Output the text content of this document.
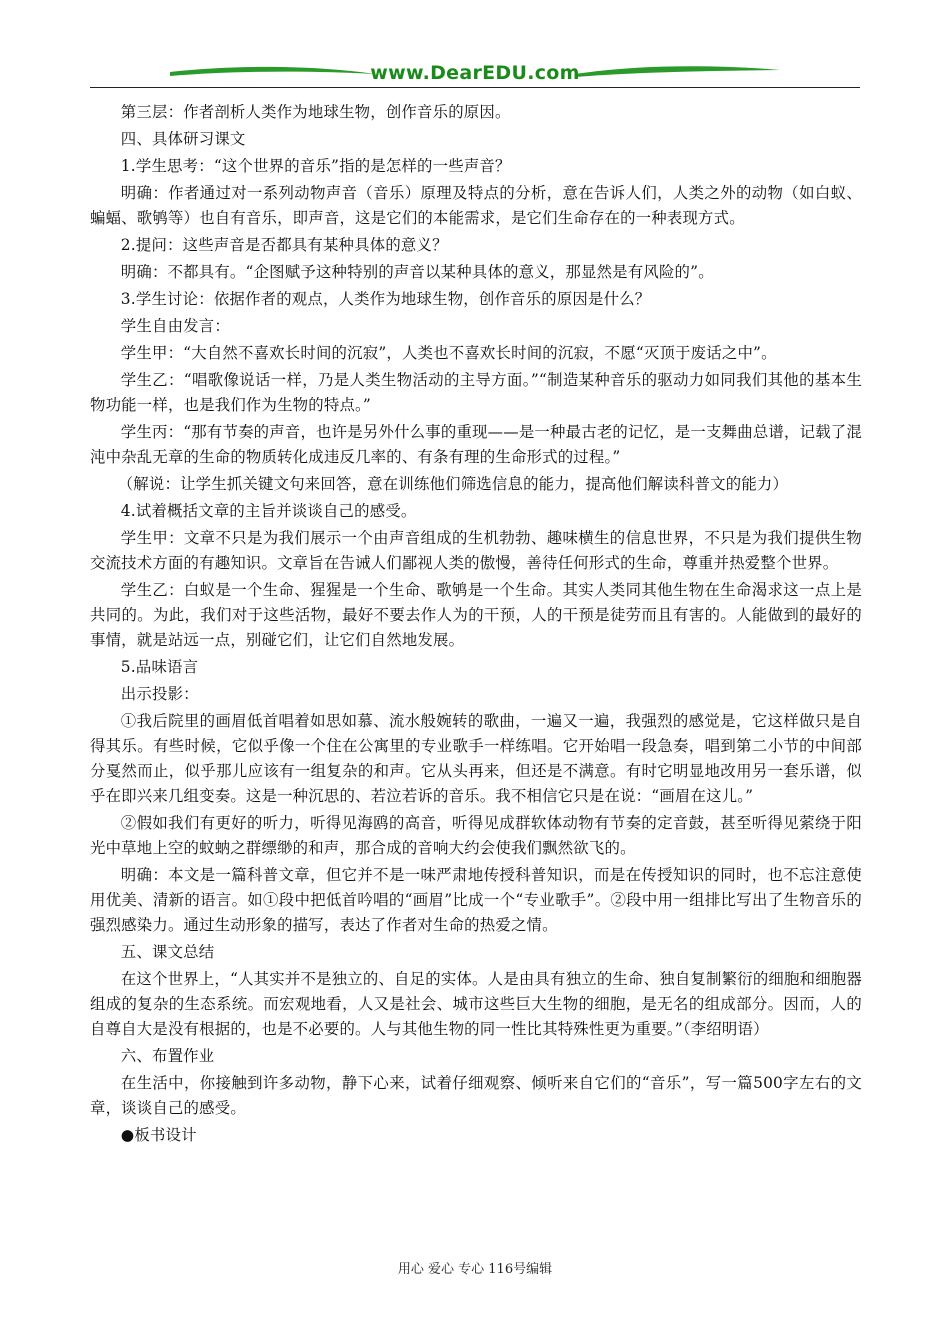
www.DearEDU.com

第三层：作者剖析人类作为地球生物，创作音乐的原因。

四、具体研习课文

1.学生思考：“这个世界的音乐”指的是怎样的一些声音？

明确：作者通过对一系列动物声音（音乐）原理及特点的分析，意在告诉人们，人类之外的动物（如白蚁、蝙蝠、歌鸲等）也自有音乐，即声音，这是它们的本能需求，是它们生命存在的一种表现方式。

2.提问：这些声音是否都具有某种具体的意义？

明确：不都具有。“企图赋予这种特别的声音以某种具体的意义，那显然是有风险的”。

3.学生讨论：依据作者的观点，人类作为地球生物，创作音乐的原因是什么？

学生自由发言：

学生甲：“大自然不喜欢长时间的沉寂”，人类也不喜欢长时间的沉寂，不愿“灭顶于废话之中”。

学生乙：“唱歌像说话一样，乃是人类生物活动的主导方面。”“制造某种音乐的驱动力如同我们其他的基本生物功能一样，也是我们作为生物的特点。”

学生丙：“那有节奏的声音，也许是另外什么事的重现——是一种最古老的记忆，是一支舞曲总谱，记载了混沌中杂乱无章的生命的物质转化成违反几率的、有条有理的生命形式的过程。”

（解说：让学生抓关键文句来回答，意在训练他们筛选信息的能力，提高他们解读科普文的能力）

4.试着概括文章的主旨并谈谈自己的感受。

学生甲：文章不只是为我们展示一个由声音组成的生机勃勃、趣味横生的信息世界，不只是为我们提供生物交流技术方面的有趣知识。文章旨在告诫人们鄙视人类的傲慢，善待任何形式的生命，尊重并热爱整个世界。

学生乙：白蚁是一个生命、猩猩是一个生命、歌鸲是一个生命。其实人类同其他生物在生命渴求这一点上是共同的。为此，我们对于这些活物，最好不要去作人为的干预，人的干预是徒劳而且有害的。人能做到的最好的事情，就是站远一点，别碰它们，让它们自然地发展。

5.品味语言

出示投影：

①我后院里的画眉低首唱着如思如慕、流水般婉转的歌曲，一遍又一遍，我强烈的感觉是，它这样做只是自得其乐。有些时候，它似乎像一个住在公寓里的专业歌手一样练唱。它开始唱一段急奏，唱到第二小节的中间部分戛然而止，似乎那儿应该有一组复杂的和声。它从头再来，但还是不满意。有时它明显地改用另一套乐谱，似乎在即兴来几组变奏。这是一种沉思的、若泣若诉的音乐。我不相信它只是在说：“画眉在这儿。”

②假如我们有更好的听力，听得见海鸥的高音，听得见成群软体动物有节奏的定音鼓，甚至听得见萦绕于阳光中草地上空的蚊蚋之群缥缈的和声，那合成的音响大约会使我们飘然欲飞的。

明确：本文是一篇科普文章，但它并不是一味严肃地传授科普知识，而是在传授知识的同时，也不忘注意使用优美、清新的语言。如①段中把低首吟唱的“画眉”比成一个“专业歌手”。②段中用一组排比写出了生物音乐的强烈感染力。通过生动形象的描写，表达了作者对生命的热爱之情。

五、课文总结

在这个世界上，“人其实并不是独立的、自足的实体。人是由具有独立的生命、独自复制繁衍的细胞和细胞器组成的复杂的生态系统。而宏观地看，人又是社会、城市这些巨大生物的细胞，是无名的组成部分。因而，人的自尊自大是没有根据的，也是不必要的。人与其他生物的同一性比其特殊性更为重要。”（李绍明语）

六、布置作业

在生活中，你接触到许多动物，静下心来，试着仔细观察、倾听来自它们的“音乐”，写一篇500字左右的文章，谈谈自己的感受。

●板书设计

用心 爱心 专心 116号编辑
